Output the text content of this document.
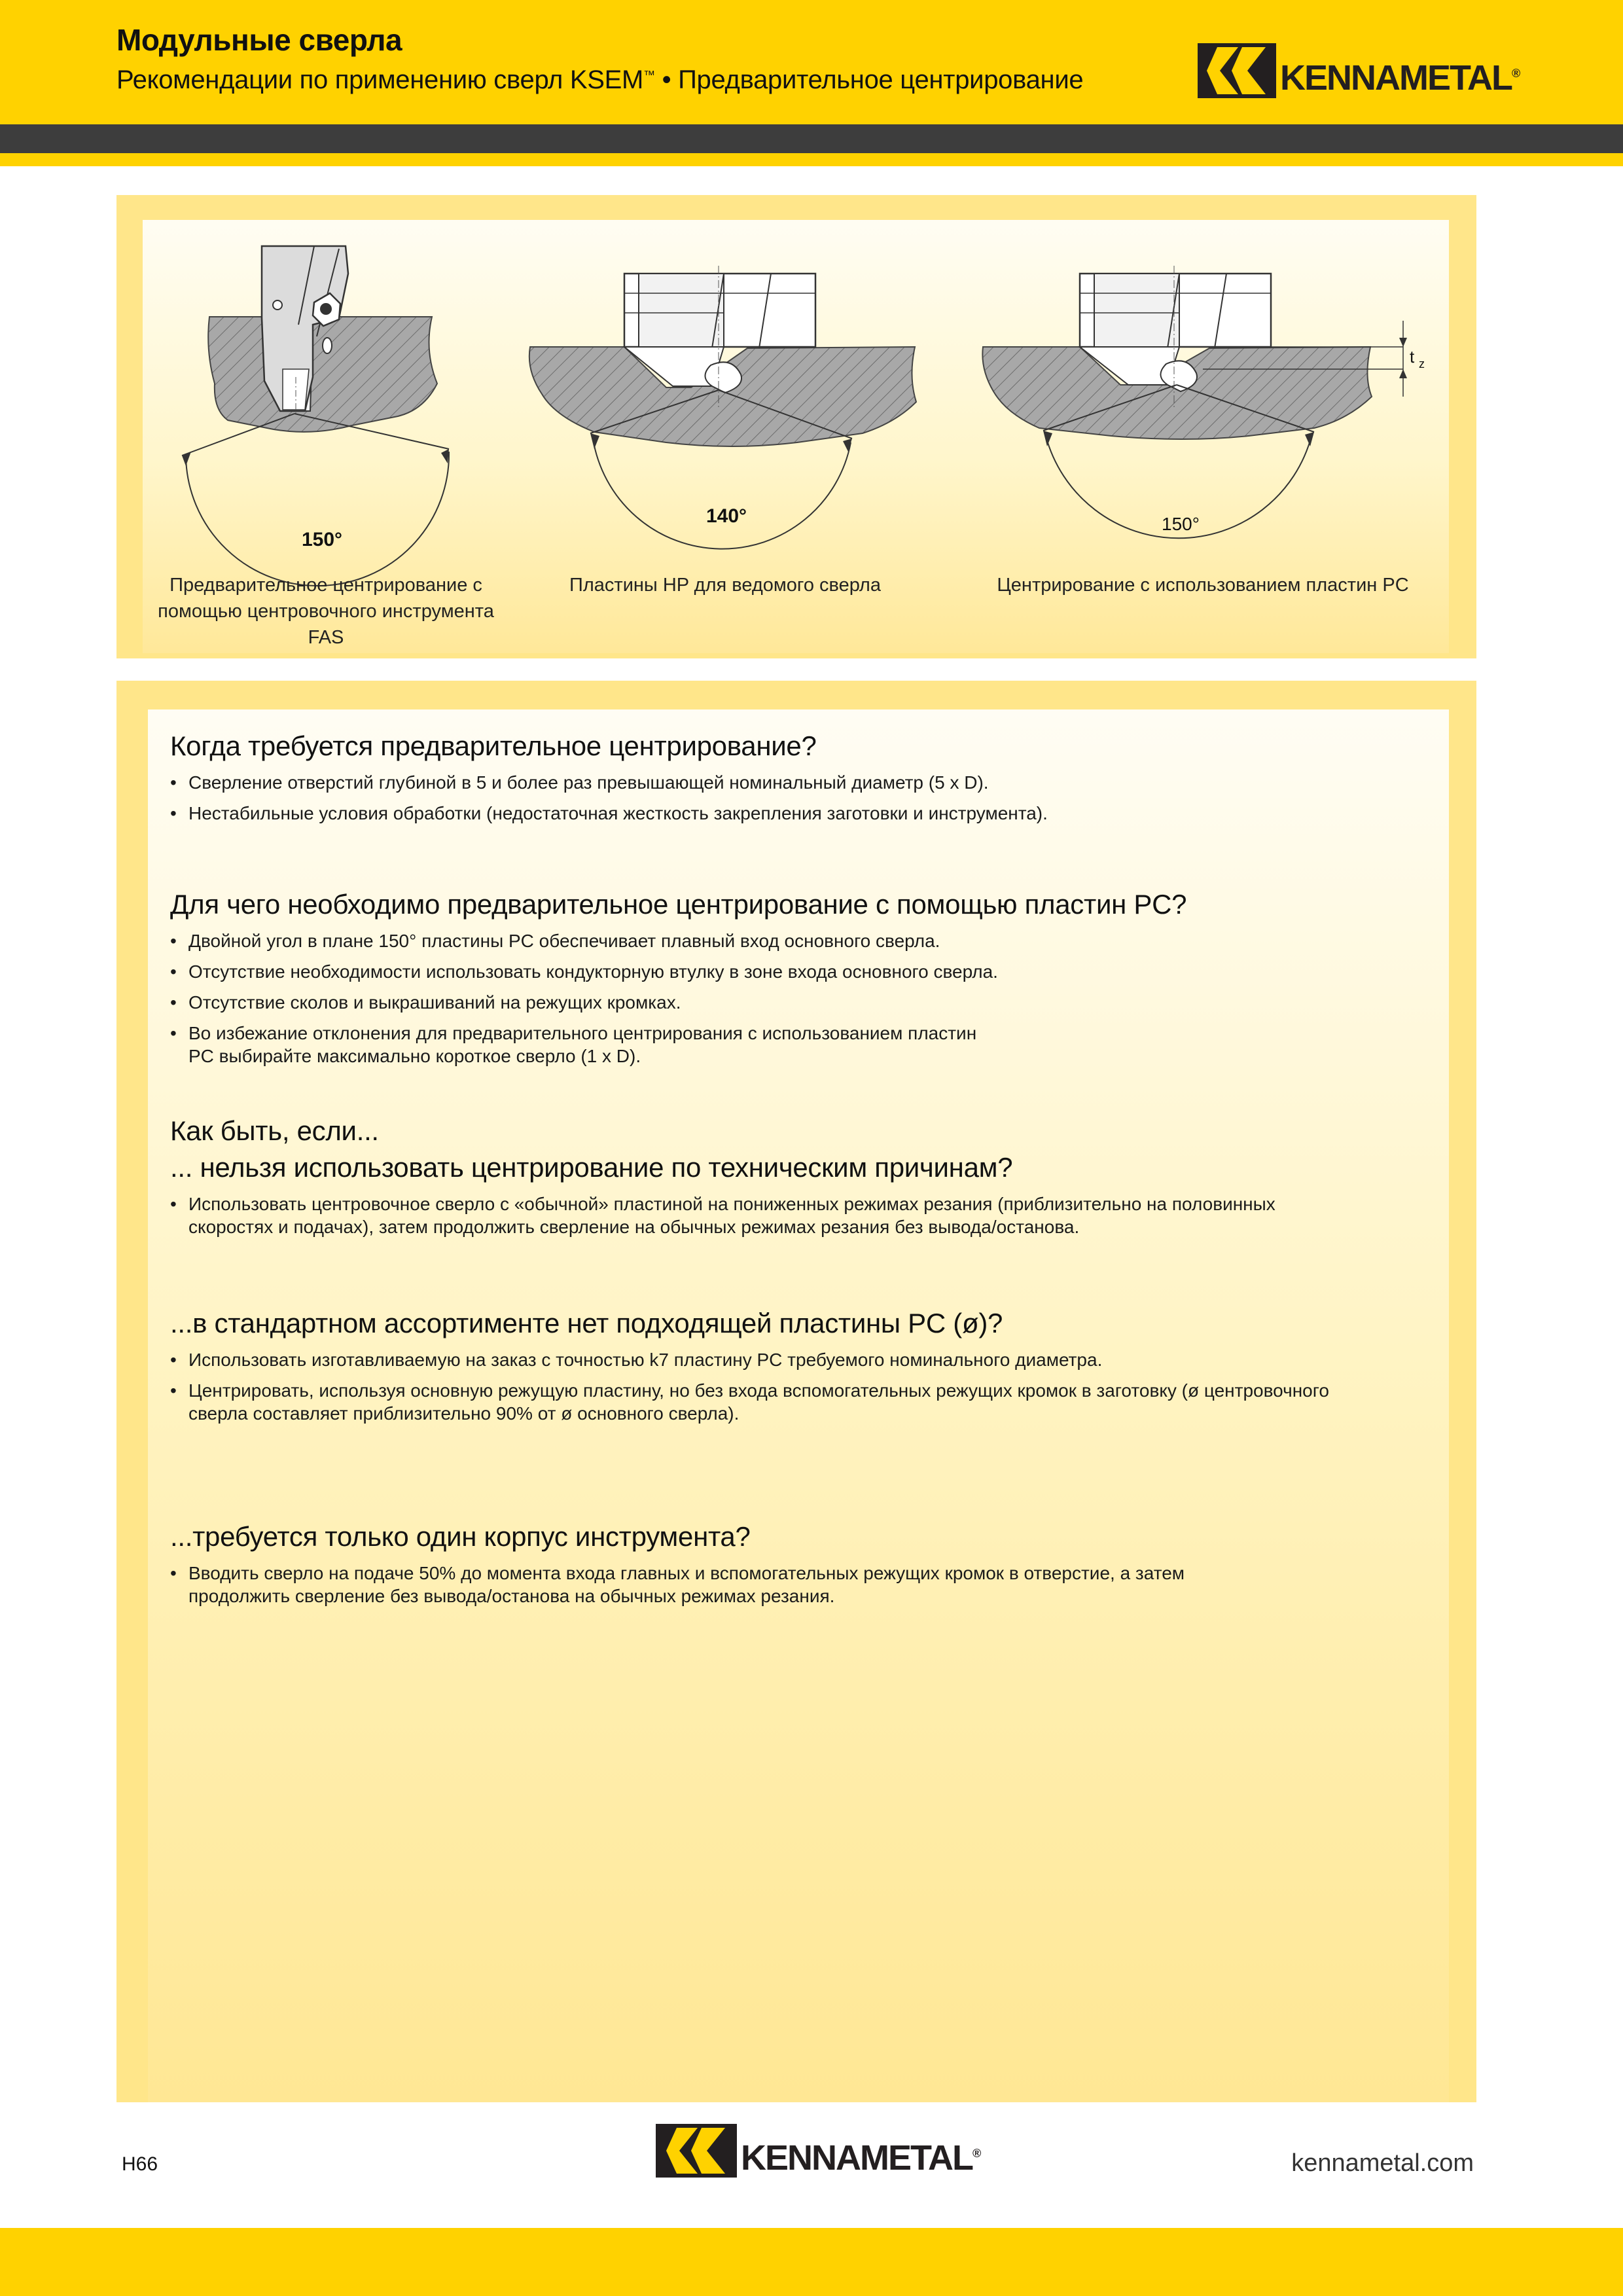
Модульные сверла
Рекомендации по применению сверл KSEM™ • Предварительное центрирование	KENNAMETAL®
150°
140°
t z
150°
Предварительное центрирование с
помощью центровочного инструмента
FAS
Пластины HP для ведомого сверла	Центрирование с использованием пластин PC
Когда требуется предварительное центрирование?
• Сверление отверстий глубиной в 5 и более раз превышающей номинальный диаметр (5 x D).
• Нестабильные условия обработки (недостаточная жесткость закрепления заготовки и инструмента).
Для чего необходимо предварительное центрирование с помощью пластин PC?
• Двойной угол в плане 150° пластины PC обеспечивает плавный вход основного сверла.
• Отсутствие необходимости использовать кондукторную втулку в зоне входа основного сверла.
• Отсутствие сколов и выкрашиваний на режущих кромках.
• Во избежание отклонения для предварительного центрирования с использованием пластин
PC выбирайте максимально короткое сверло (1 x D).
Как быть, если...
... нельзя использовать центрирование по техническим причинам?
• Использовать центровочное сверло с «обычной» пластиной на пониженных режимах резания (приблизительно на половинных
скоростях и подачах), затем продолжить сверление на обычных режимах резания без вывода/останова.
...в стандартном ассортименте нет подходящей пластины PC (ø)?
• Использовать изготавливаемую на заказ с точностью k7 пластину PC требуемого номинального диаметра.
• Центрировать, используя основную режущую пластину, но без входа вспомогательных режущих кромок в заготовку (ø центровочного
сверла составляет приблизительно 90% от ø основного сверла).
...требуется только один корпус инструмента?
• Вводить сверло на подаче 50% до момента входа главных и вспомогательных режущих кромок в отверстие, а затем
продолжить сверление без вывода/останова на обычных режимах резания.
H66	KENNAMETAL®	kennametal.com
